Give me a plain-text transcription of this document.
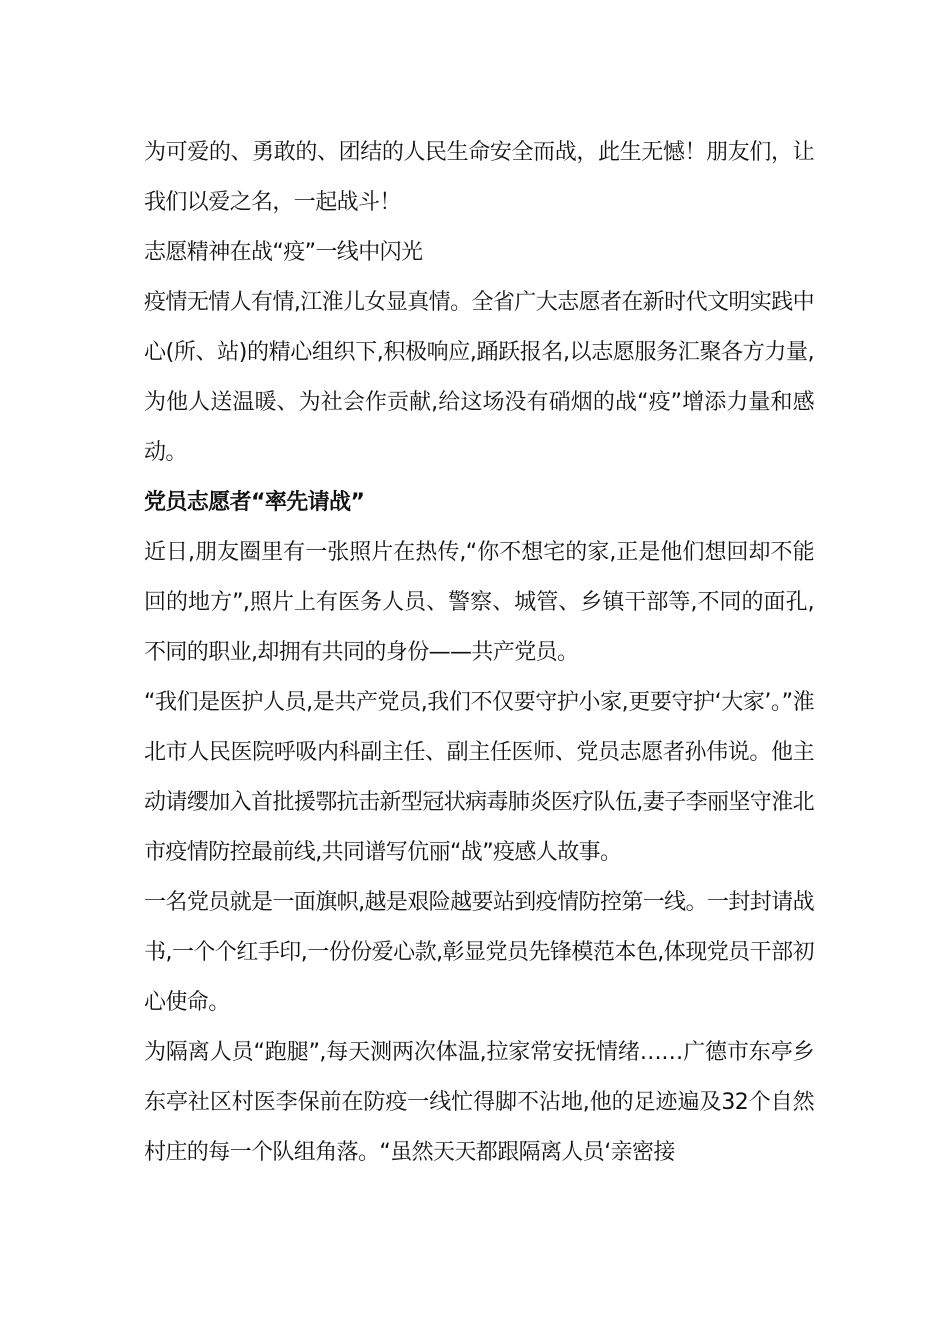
为可爱的、勇敢的、团结的人民生命安全而战，此生无憾！朋友们，让我们以爱之名，一起战斗！

志愿精神在战“疫”一线中闪光

疫情无情人有情,江淮儿女显真情。全省广大志愿者在新时代文明实践中心(所、站)的精心组织下,积极响应,踊跃报名,以志愿服务汇聚各方力量,为他人送温暖、为社会作贡献,给这场没有硝烟的战“疫”增添力量和感动。

党员志愿者“率先请战”

近日,朋友圈里有一张照片在热传,“你不想宅的家,正是他们想回却不能回的地方”,照片上有医务人员、警察、城管、乡镇干部等,不同的面孔,不同的职业,却拥有共同的身份——共产党员。

“我们是医护人员,是共产党员,我们不仅要守护小家,更要守护‘大家’。”淮北市人民医院呼吸内科副主任、副主任医师、党员志愿者孙伟说。他主动请缨加入首批援鄂抗击新型冠状病毒肺炎医疗队伍,妻子李丽坚守淮北市疫情防控最前线,共同谱写伉丽“战”疫感人故事。

一名党员就是一面旗帜,越是艰险越要站到疫情防控第一线。一封封请战书,一个个红手印,一份份爱心款,彰显党员先锋模范本色,体现党员干部初心使命。

为隔离人员“跑腿”,每天测两次体温,拉家常安抚情绪……广德市东亭乡东亭社区村医李保前在防疫一线忙得脚不沾地,他的足迹遍及32个自然村庄的每一个队组角落。“虽然天天都跟隔离人员‘亲密接
